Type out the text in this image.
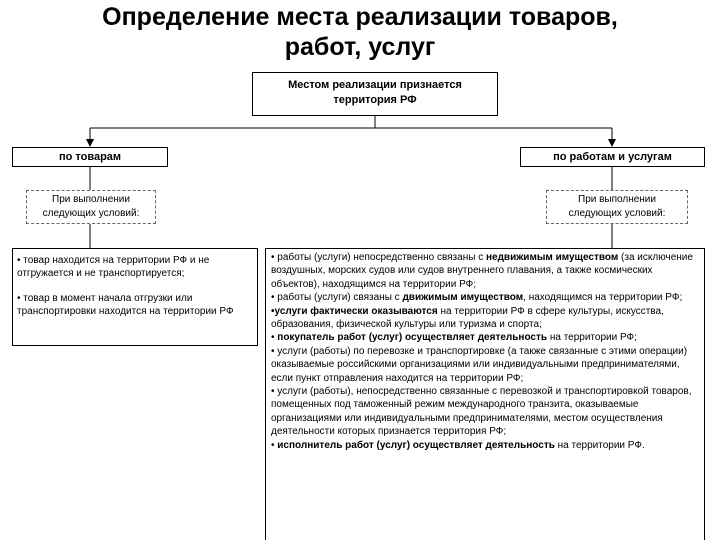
Определение места реализации товаров,
работ, услуг
Местом реализации признается
территория РФ
по товарам	по работам и услугам
При выполнении
следующих условий:
При выполнении
следующих условий:

• товар находится на территории РФ и не отгружается и не транспортируется;

• товар в момент начала отгрузки или транспортировки находится на территории РФ

• работы (услуги) непосредственно связаны с недвижимым имуществом (за исключение воздушных, морских судов или судов внутреннего плавания, а также космических объектов), находящимся на территории РФ;

• работы (услуги) связаны с движимым имуществом, находящимся на территории РФ;

•услуги фактически оказываются на территории РФ в сфере культуры, искусства, образования, физической культуры или туризма и спорта;

• покупатель работ (услуг) осуществляет деятельность на территории РФ;

• услуги (работы) по перевозке и транспортировке (а также связанные с этими операции) оказываемые российскими организациями или индивидуальными предпринимателями, если пункт отправления находится на территории РФ;

• услуги (работы), непосредственно связанные с перевозкой и транспортировкой товаров, помещенных под таможенный режим международного транзита, оказываемые организациями или индивидуальными предпринимателями, местом осуществления деятельности которых признается территория РФ;

• исполнитель работ (услуг) осуществляет деятельность на территории РФ.
